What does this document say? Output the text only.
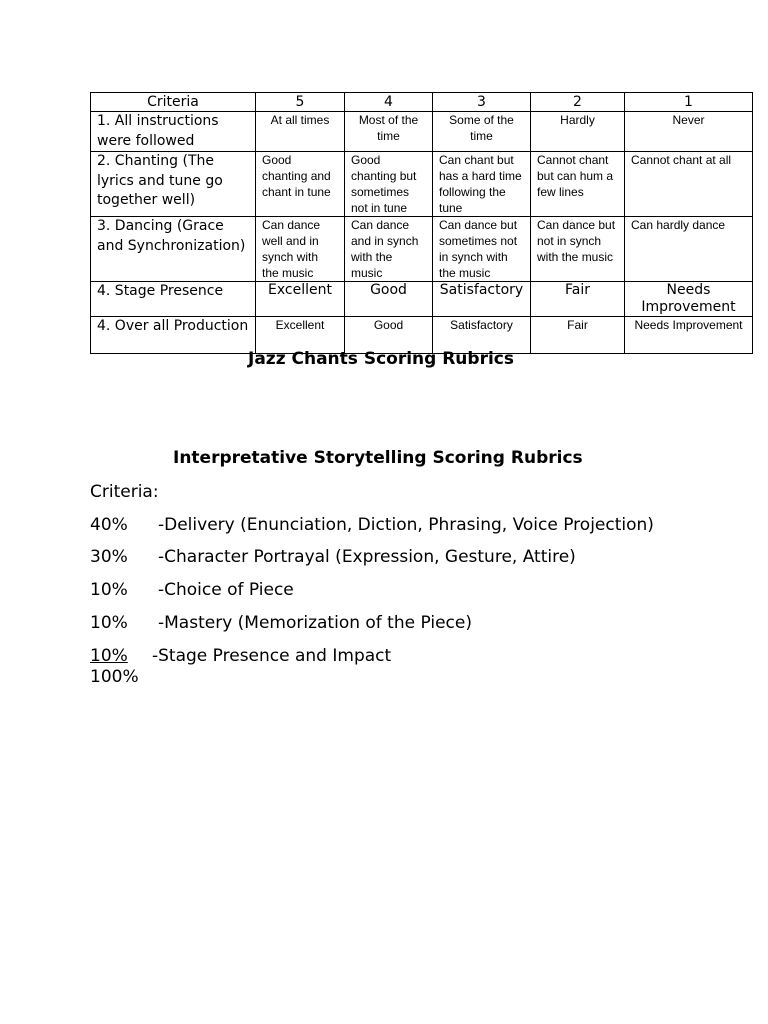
Criteria	5	4	3	2	1
1. All instructions were followed	At all times	Most of the time	Some of the time	Hardly	Never
2. Chanting (The lyrics and tune go together well)	Good chanting and chant in tune	Good chanting but sometimes not in tune	Can chant but has a hard time following the tune	Cannot chant but can hum a few lines	Cannot chant at all
3. Dancing (Grace and Synchronization)	Can dance well and in synch with the music	Can dance and in synch with the music	Can dance but sometimes not in synch with the music	Can dance but not in synch with the music	Can hardly dance
4. Stage Presence	Excellent	Good	Satisfactory	Fair	Needs Improvement
4. Over all Production	Excellent	Good	Satisfactory	Fair	Needs Improvement
Jazz Chants Scoring Rubrics
Interpretative Storytelling Scoring Rubrics
Criteria:
40% -Delivery (Enunciation, Diction, Phrasing, Voice Projection)
30% -Character Portrayal (Expression, Gesture, Attire)
10% -Choice of Piece
10% -Mastery (Memorization of the Piece)
10% -Stage Presence and Impact
100%
